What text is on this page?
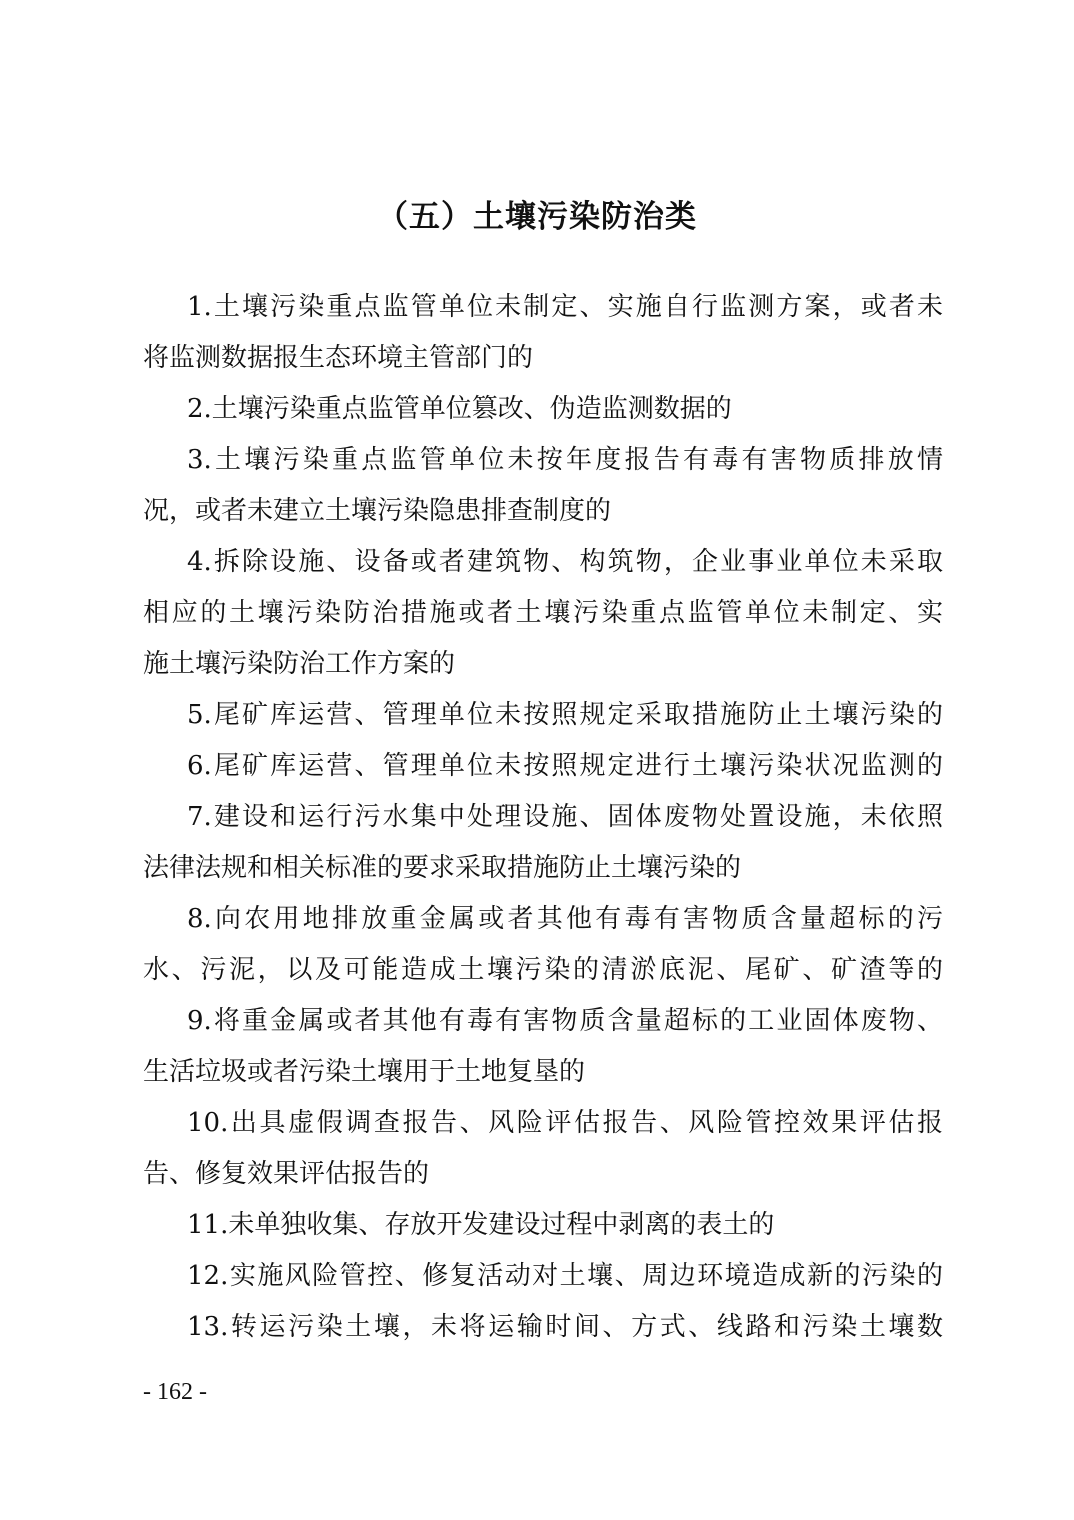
（五）土壤污染防治类
1.土壤污染重点监管单位未制定、实施自行监测方案，或者未
将监测数据报生态环境主管部门的
2.土壤污染重点监管单位篡改、伪造监测数据的
3.土壤污染重点监管单位未按年度报告有毒有害物质排放情
况，或者未建立土壤污染隐患排查制度的
4.拆除设施、设备或者建筑物、构筑物，企业事业单位未采取
相应的土壤污染防治措施或者土壤污染重点监管单位未制定、实
施土壤污染防治工作方案的
5.尾矿库运营、管理单位未按照规定采取措施防止土壤污染的
6.尾矿库运营、管理单位未按照规定进行土壤污染状况监测的
7.建设和运行污水集中处理设施、固体废物处置设施，未依照
法律法规和相关标准的要求采取措施防止土壤污染的
8.向农用地排放重金属或者其他有毒有害物质含量超标的污
水、污泥，以及可能造成土壤污染的清淤底泥、尾矿、矿渣等的
9.将重金属或者其他有毒有害物质含量超标的工业固体废物、
生活垃圾或者污染土壤用于土地复垦的
10.出具虚假调查报告、风险评估报告、风险管控效果评估报
告、修复效果评估报告的
11.未单独收集、存放开发建设过程中剥离的表土的
12.实施风险管控、修复活动对土壤、周边环境造成新的污染的
13.转运污染土壤，未将运输时间、方式、线路和污染土壤数
- 162 -
